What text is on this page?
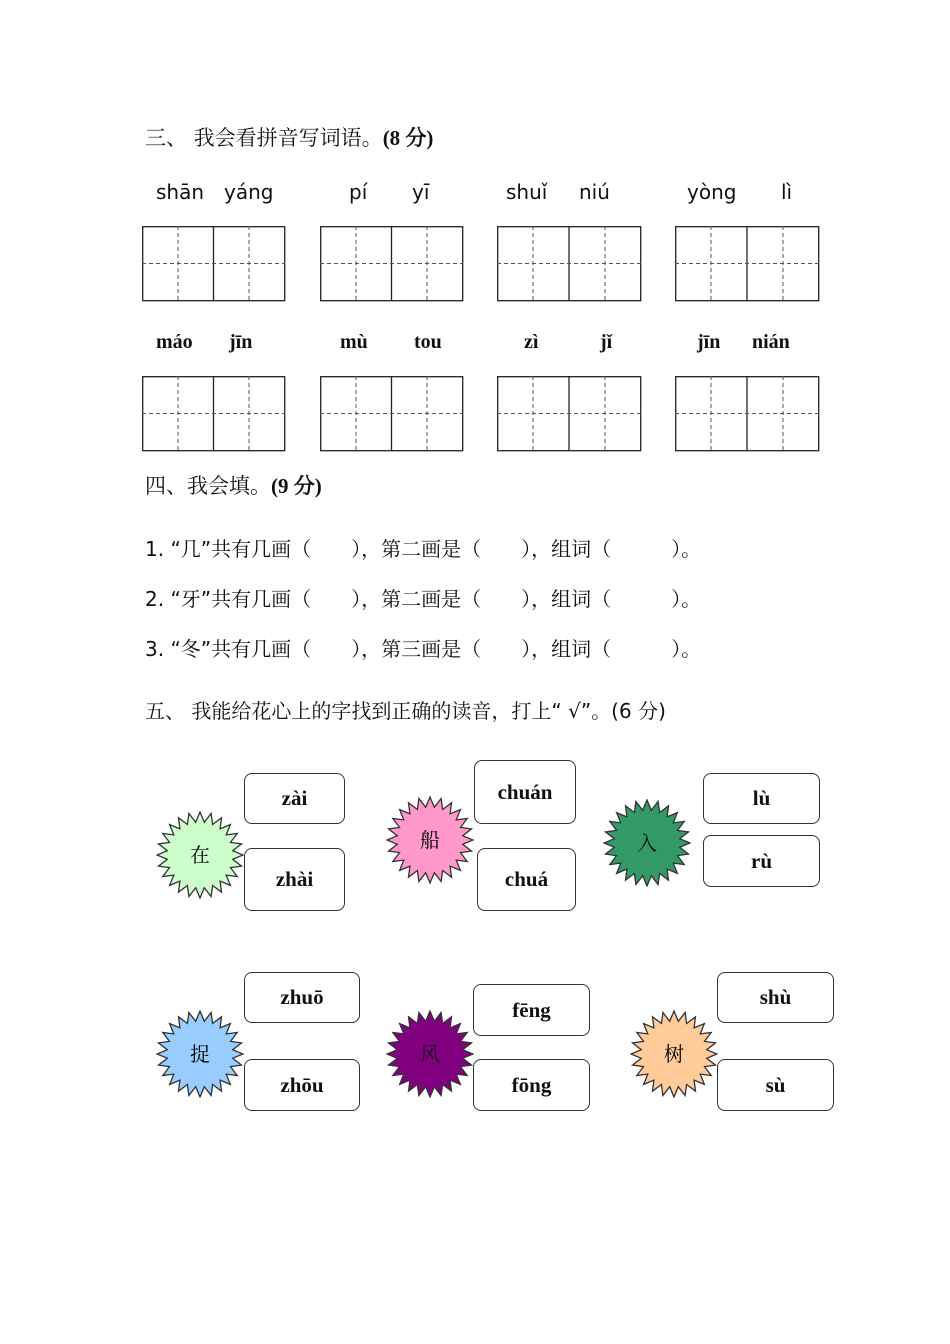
三、 我会看拼音写词语。(8 分)
shān yáng	pí yī	shuǐ niú	yòng lì
máo jīn	mù tou	zì	jǐ	jīn nián
四、我会填。(9 分)
1. “几”共有几画（　　），第二画是（　　），组词（　　　）。
2. “牙”共有几画（　　），第二画是（　　），组词（　　　）。
3. “冬”共有几画（　　），第三画是（　　），组词（　　　）。
五、 我能给花心上的字找到正确的读音，打上“ √”。(6 分)
在
zài
zhài
船
chuán
chuá
入
lù
rù
捉
zhuō
zhōu
风
fēng
fōng
树
shù
sù
